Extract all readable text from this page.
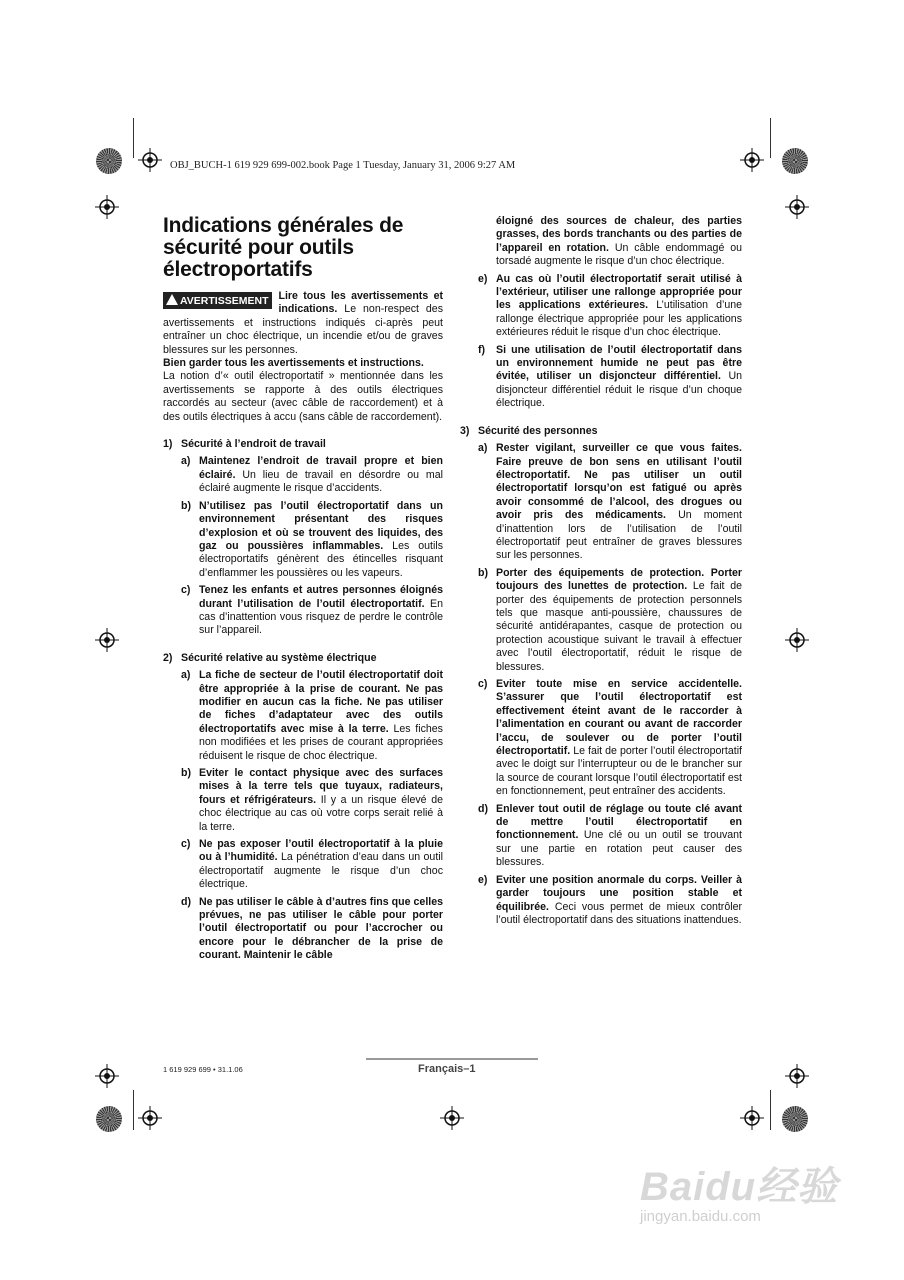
OBJ_BUCH-1 619 929 699-002.book Page 1 Tuesday, January 31, 2006 9:27 AM
Indications générales de sécurité pour outils électroportatifs

AVERTISSEMENT Lire tous les avertissements et indications. Le non-respect des avertissements et instructions indiqués ci-après peut entraîner un choc électrique, un incendie et/ou de graves blessures sur les personnes.

Bien garder tous les avertissements et instructions.

La notion d’« outil électroportatif » mentionnée dans les avertissements se rapporte à des outils électriques raccordés au secteur (avec câble de raccordement) et à des outils électriques à accu (sans câble de raccordement).

1) Sécurité à l’endroit de travail
a) Maintenez l’endroit de travail propre et bien éclairé. Un lieu de travail en désordre ou mal éclairé augmente le risque d’accidents.
b) N’utilisez pas l’outil électroportatif dans un environnement présentant des risques d’explosion et où se trouvent des liquides, des gaz ou poussières inflammables. Les outils électroportatifs génèrent des étincelles risquant d’enflammer les poussières ou les vapeurs.
c) Tenez les enfants et autres personnes éloignés durant l’utilisation de l’outil électroportatif. En cas d’inattention vous risquez de perdre le contrôle sur l’appareil.
2) Sécurité relative au système électrique
a) La fiche de secteur de l’outil électroportatif doit être appropriée à la prise de courant. Ne pas modifier en aucun cas la fiche. Ne pas utiliser de fiches d’adaptateur avec des outils électroportatifs avec mise à la terre. Les fiches non modifiées et les prises de courant appropriées réduisent le risque de choc électrique.
b) Eviter le contact physique avec des surfaces mises à la terre tels que tuyaux, radiateurs, fours et réfrigérateurs. Il y a un risque élevé de choc électrique au cas où votre corps serait relié à la terre.
c) Ne pas exposer l’outil électroportatif à la pluie ou à l’humidité. La pénétration d’eau dans un outil électroportatif augmente le risque d’un choc électrique.
d) Ne pas utiliser le câble à d’autres fins que celles prévues, ne pas utiliser le câble pour porter l’outil électroportatif ou pour l’accrocher ou encore pour le débrancher de la prise de courant. Maintenir le câble
éloigné des sources de chaleur, des parties grasses, des bords tranchants ou des parties de l’appareil en rotation. Un câble endommagé ou torsadé augmente le risque d’un choc électrique.
e) Au cas où l’outil électroportatif serait utilisé à l’extérieur, utiliser une rallonge appropriée pour les applications extérieures. L’utilisation d’une rallonge électrique appropriée pour les applications extérieures réduit le risque d’un choc électrique.
f) Si une utilisation de l’outil électroportatif dans un environnement humide ne peut pas être évitée, utiliser un disjoncteur différentiel. Un disjoncteur différentiel réduit le risque d’un choque électrique.
3) Sécurité des personnes
a) Rester vigilant, surveiller ce que vous faites. Faire preuve de bon sens en utilisant l’outil électroportatif. Ne pas utiliser un outil électroportatif lorsqu’on est fatigué ou après avoir consommé de l’alcool, des drogues ou avoir pris des médicaments. Un moment d’inattention lors de l’utilisation de l’outil électroportatif peut entraîner de graves blessures sur les personnes.
b) Porter des équipements de protection. Porter toujours des lunettes de protection. Le fait de porter des équipements de protection personnels tels que masque anti-poussière, chaussures de sécurité antidérapantes, casque de protection ou protection acoustique suivant le travail à effectuer avec l’outil électroportatif, réduit le risque de blessures.
c) Eviter toute mise en service accidentelle. S’assurer que l’outil électroportatif est effectivement éteint avant de le raccorder à l’alimentation en courant ou avant de raccorder l’accu, de soulever ou de porter l’outil électroportatif. Le fait de porter l’outil électroportatif avec le doigt sur l’interrupteur ou de le brancher sur la source de courant lorsque l’outil électroportatif est en fonctionnement, peut entraîner des accidents.
d) Enlever tout outil de réglage ou toute clé avant de mettre l’outil électroportatif en fonctionnement. Une clé ou un outil se trouvant sur une partie en rotation peut causer des blessures.
e) Eviter une position anormale du corps. Veiller à garder toujours une position stable et équilibrée. Ceci vous permet de mieux contrôler l’outil électroportatif dans des situations inattendues.
1 619 929 699 • 31.1.06	Français–1
Baidu经验
jingyan.baidu.com
